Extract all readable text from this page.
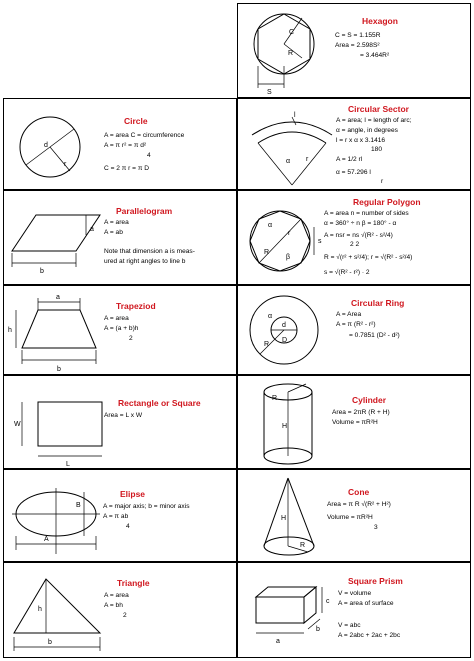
C
R
S
Hexagon
C = S = 1.155R
Area = 2.598S²
= 3.464R²
d
r
Circle
A = area C = circumference
A = π r² = π d²
4
C = 2 π r = π D
l
α r
Circular Sector
A = area; l = length of arc;
α = angle, in degrees
l = r x α x 3.1416
180
A = 1/2 rl
α = 57.296 l
r
a
b
Parallelogram
A = area
A = ab
Note that dimension a is meas-
ured at right angles to line b
α
r
R
β
s
Regular Polygon
A = area n = number of sides
α = 360° ÷ n β = 180° - α
A = nsr = ns √(R² - s²/4)
2 2
R = √(r² + s²/4); r = √(R² - s²/4)
s = √(R² - r²) · 2
a
h
b
Trapeziod
A = area
A = (a + b)h
2
α
d
R
D
Circular Ring
A = Area
A = π (R² - r²)
= 0.7851 (D² - d²)
W
L
Rectangle or Square
Area = L x W
R
H
Cylinder
Area = 2πR (R + H)
Volume = πR²H
A
B
Elipse
A = major axis; b = minor axis
A = π ab
4
H
R
Cone
Area = π R √(R² + H²)
Volume = πR²H
3
h
b
Triangle
A = area
A = bh
2
a
b
c
Square Prism
V = volume
A = area of surface
V = abc
A = 2abc + 2ac + 2bc
